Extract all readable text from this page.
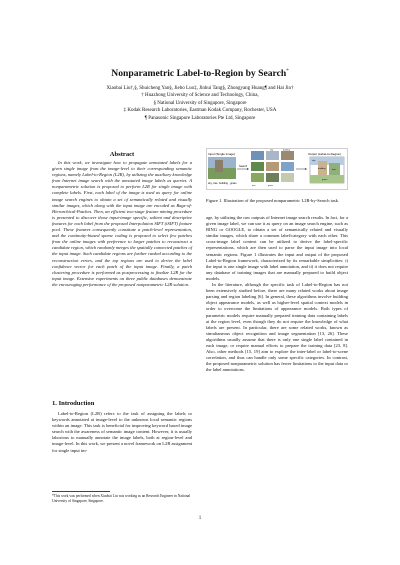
Nonparametric Label-to-Region by Search*
Xiaobai Liu†,§, Shuicheng Yan§, Jiebo Luo‡, Jinhui Tang§, Zhongyang Huang¶ and Hai Jin†
† Huazhong University of Science and Technology, China,
§ National University of Singapore, Singapore
‡ Kodak Research Laboratories, Eastman Kodak Company, Rochester, USA
¶ Panasonic Singapore Laboratories Pte Ltd, Singapore
Abstract

In this work, we investigate how to propagate annotated labels for a given single image from the image-level to their corresponding semantic regions, namely Label-to-Region (L2R), by utilizing the auxiliary knowledge from Internet image search with the annotated image labels as queries. A nonparametric solution is proposed to perform L2R for single image with complete labels. First, each label of the image is used as query for online image search engines to obtain a set of semantically related and visually similar images, which along with the input image are encoded as Bags-of-Hierarchical-Patches. Then, an efficient two-stage feature mining procedure is presented to discover those input-image specific, salient and descriptive features for each label from the proposed Interpolation SIFT (iSIFT) feature pool. These features consequently constitute a patch-level representation, and the continuity-biased sparse coding is proposed to select few patches from the online images with preference to larger patches to reconstruct a candidate region, which randomly merges the spatially connected patches of the input image. Such candidate regions are further ranked according to the reconstruction errors, and the top regions are used to derive the label confidence vector for each patch of the input image. Finally, a patch clustering procedure is performed as postprocessing to finalize L2R for the input image. Extensive experiments on three public databases demonstrate the encouraging performance of the proposed nonparametric L2R solution.

1. Introduction

Label-to-Region (L2R) refers to the task of assigning the labels or keywords annotated at image-level to the unknown local semantic regions within an image. This task is beneficial for improving keyword based image search with the awareness of semantic image content. However, it is usually laborious to manually annotate the image labels, both at region-level and image-level. In this work, we present a novel framework on L2R assignment for single input im-

*This work was performed when Xiaobai Liu was working as an Research Engineer in National University of Singapore, Singapore.
Input (Single Image)
sky, tree, building , grass
Search
sky	building
tree	grass
Output (Label-to-Region)
sky
building	tree
grass
Figure 1. Illustration of the proposed nonparametric L2R-by-Search task.

age, by utilizing the raw outputs of Internet image search results. In fact, for a given image label, we can use it as query on an image search engine, such as BING or GOOGLE, to obtain a set of semantically related and visually similar images, which share a common label/category with each other. This cross-image label context can be utilized to derive the label-specific representations, which are then used to parse the input image into local semantic regions. Figure 1 illustrates the input and output of the proposed Label-to-Region framework, characterized by its remarkable simplicities: i) the input is one single image with label annotation, and ii) it does not require any database of training images that are manually prepared to build object models.

In the literature, although the specific task of Label-to-Region has not been extensively studied before, there are many related works about image parsing and region labeling [6]. In general, these algorithms involve building object appearance models, as well as higher-level spatial context models in order to overcome the limitations of appearance models. Both types of parametric models require manually prepared training data containing labels at the region level, even though they do not require the knowledge of what labels are present. In particular, there are some related works, known as simultaneous object recognition and image segmentation [13, 26]. These algorithms usually assume that there is only one single label contained in each image, or require manual efforts to prepare the training data [23, 8]. Also, other methods [15, 19] aim to explore the inter-label or label-to-scene correlation, and thus can handle only some specific categories. In contrast, the proposed nonparametric solution has fewer limitations to the input data or the label annotations.

1
